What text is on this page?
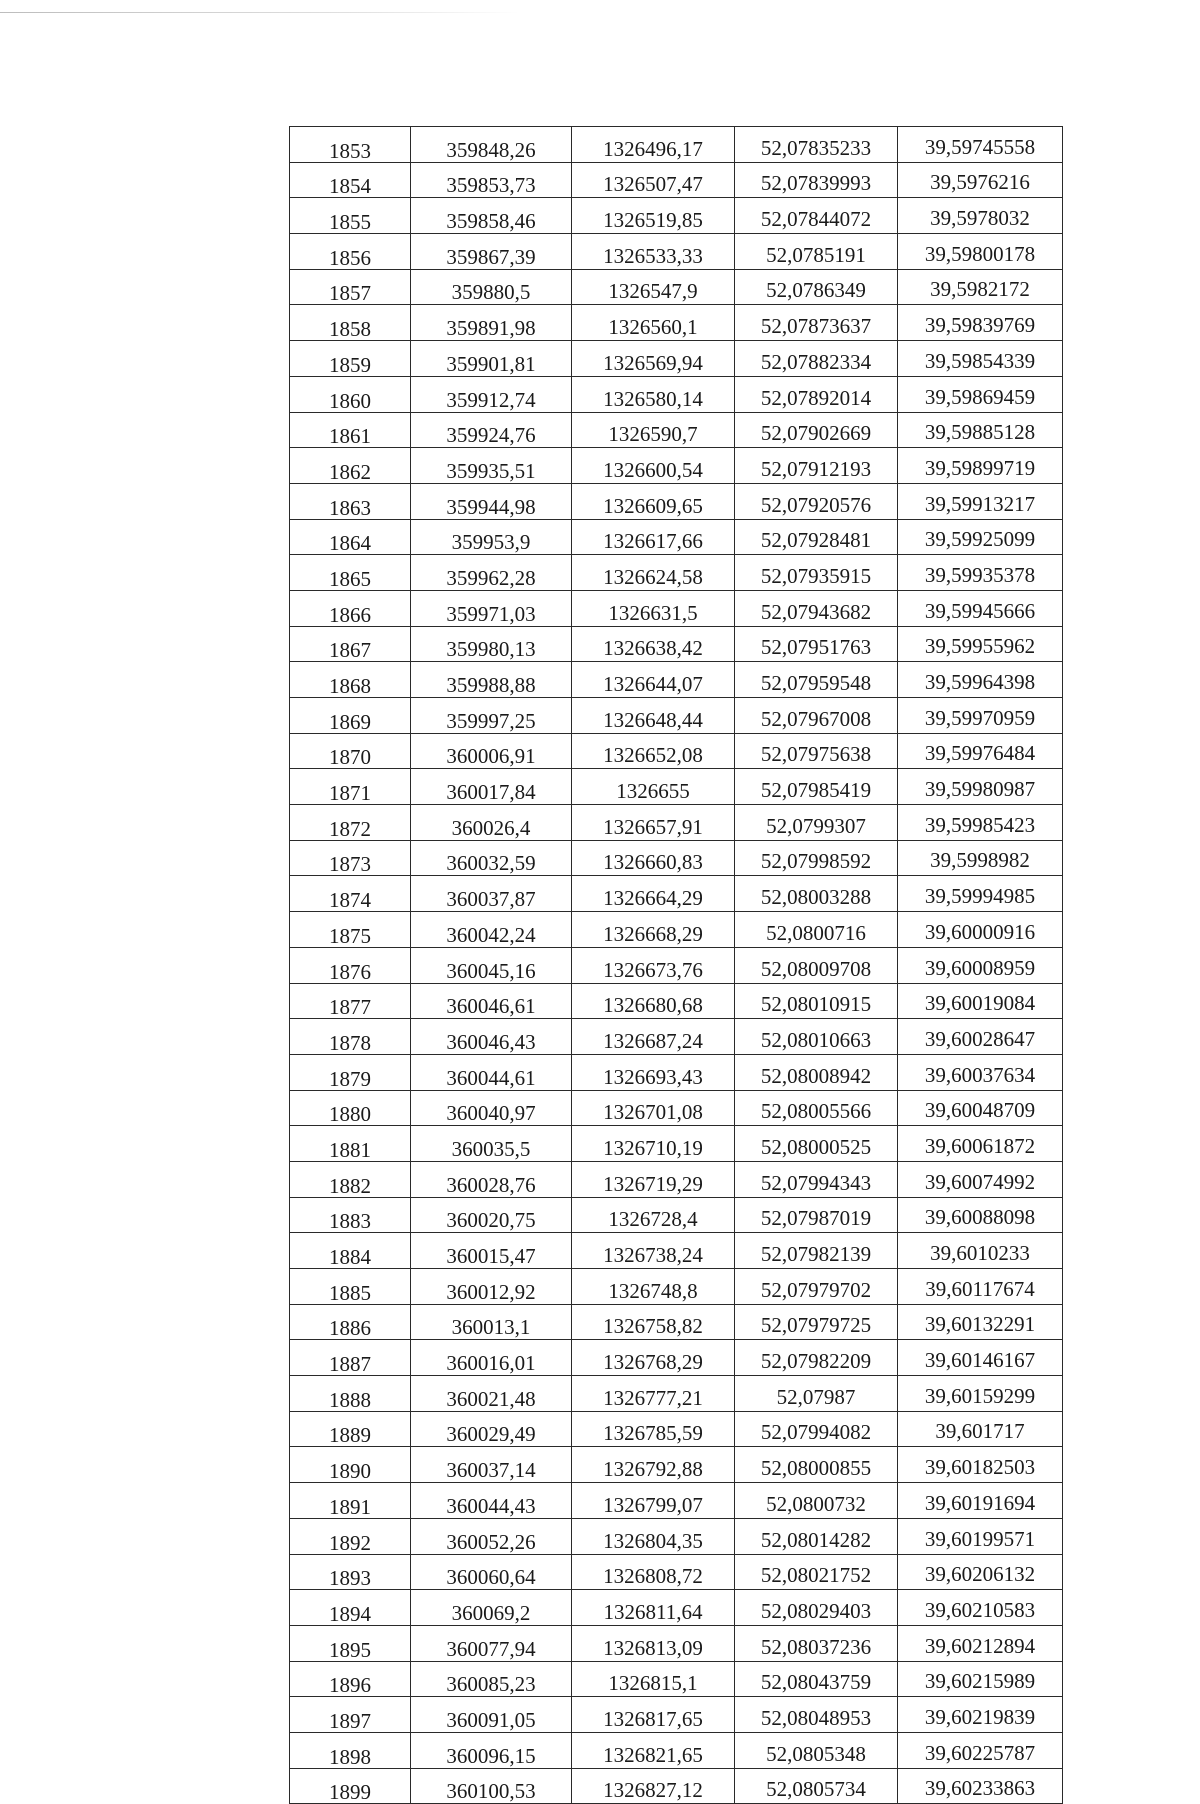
1853	359848,26	1326496,17	52,07835233	39,59745558
1854	359853,73	1326507,47	52,07839993	39,5976216
1855	359858,46	1326519,85	52,07844072	39,5978032
1856	359867,39	1326533,33	52,0785191	39,59800178
1857	359880,5	1326547,9	52,0786349	39,5982172
1858	359891,98	1326560,1	52,07873637	39,59839769
1859	359901,81	1326569,94	52,07882334	39,59854339
1860	359912,74	1326580,14	52,07892014	39,59869459
1861	359924,76	1326590,7	52,07902669	39,59885128
1862	359935,51	1326600,54	52,07912193	39,59899719
1863	359944,98	1326609,65	52,07920576	39,59913217
1864	359953,9	1326617,66	52,07928481	39,59925099
1865	359962,28	1326624,58	52,07935915	39,59935378
1866	359971,03	1326631,5	52,07943682	39,59945666
1867	359980,13	1326638,42	52,07951763	39,59955962
1868	359988,88	1326644,07	52,07959548	39,59964398
1869	359997,25	1326648,44	52,07967008	39,59970959
1870	360006,91	1326652,08	52,07975638	39,59976484
1871	360017,84	1326655	52,07985419	39,59980987
1872	360026,4	1326657,91	52,0799307	39,59985423
1873	360032,59	1326660,83	52,07998592	39,5998982
1874	360037,87	1326664,29	52,08003288	39,59994985
1875	360042,24	1326668,29	52,0800716	39,60000916
1876	360045,16	1326673,76	52,08009708	39,60008959
1877	360046,61	1326680,68	52,08010915	39,60019084
1878	360046,43	1326687,24	52,08010663	39,60028647
1879	360044,61	1326693,43	52,08008942	39,60037634
1880	360040,97	1326701,08	52,08005566	39,60048709
1881	360035,5	1326710,19	52,08000525	39,60061872
1882	360028,76	1326719,29	52,07994343	39,60074992
1883	360020,75	1326728,4	52,07987019	39,60088098
1884	360015,47	1326738,24	52,07982139	39,6010233
1885	360012,92	1326748,8	52,07979702	39,60117674
1886	360013,1	1326758,82	52,07979725	39,60132291
1887	360016,01	1326768,29	52,07982209	39,60146167
1888	360021,48	1326777,21	52,07987	39,60159299
1889	360029,49	1326785,59	52,07994082	39,601717
1890	360037,14	1326792,88	52,08000855	39,60182503
1891	360044,43	1326799,07	52,0800732	39,60191694
1892	360052,26	1326804,35	52,08014282	39,60199571
1893	360060,64	1326808,72	52,08021752	39,60206132
1894	360069,2	1326811,64	52,08029403	39,60210583
1895	360077,94	1326813,09	52,08037236	39,60212894
1896	360085,23	1326815,1	52,08043759	39,60215989
1897	360091,05	1326817,65	52,08048953	39,60219839
1898	360096,15	1326821,65	52,0805348	39,60225787
1899	360100,53	1326827,12	52,0805734	39,60233863
